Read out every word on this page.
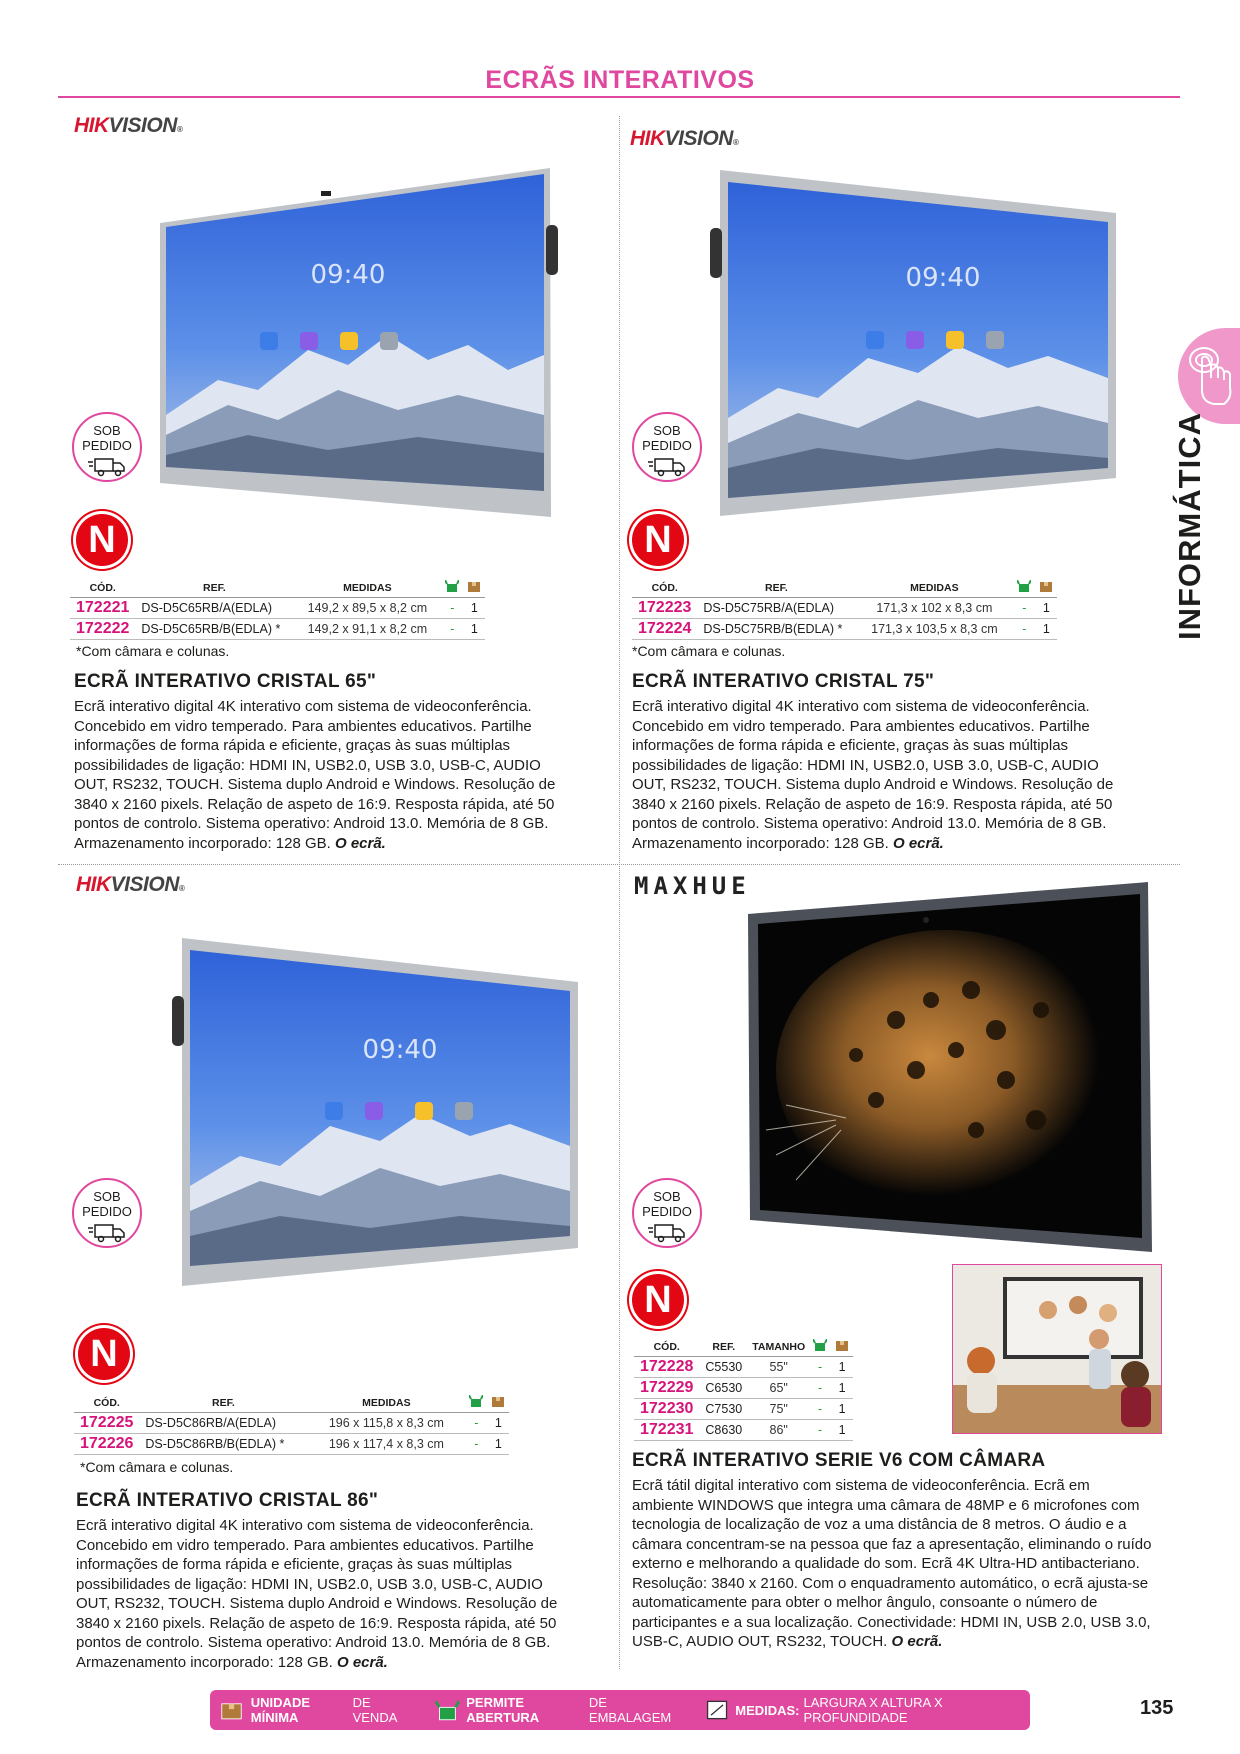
ECRÃS INTERATIVOS
INFORMÁTICA
HIKVISION®
09:40
SOB
PEDIDO
N
CÓD.	REF.	MEDIDAS		
172221	DS-D5C65RB/A(EDLA)	149,2 x 89,5 x 8,2 cm	-	1
172222	DS-D5C65RB/B(EDLA) *	149,2 x 91,1 x 8,2 cm	-	1
*Com câmara e colunas.
ECRÃ INTERATIVO CRISTAL 65"
Ecrã interativo digital 4K interativo com sistema de videoconferência. Concebido em vidro temperado. Para ambientes educativos. Partilhe informações de forma rápida e eficiente, graças às suas múltiplas possibilidades de ligação: HDMI IN, USB2.0, USB 3.0, USB-C, AUDIO OUT, RS232, TOUCH. Sistema duplo Android e Windows. Resolução de 3840 x 2160 pixels. Relação de aspeto de 16:9. Resposta rápida, até 50 pontos de controlo. Sistema operativo: Android 13.0. Memória de 8 GB. Armazenamento incorporado: 128 GB. O ecrã.
HIKVISION®
09:40
SOB
PEDIDO
N
CÓD.	REF.	MEDIDAS		
172223	DS-D5C75RB/A(EDLA)	171,3 x 102 x 8,3 cm	-	1
172224	DS-D5C75RB/B(EDLA) *	171,3 x 103,5 x 8,3 cm	-	1
*Com câmara e colunas.
ECRÃ INTERATIVO CRISTAL 75"
Ecrã interativo digital 4K interativo com sistema de videoconferência. Concebido em vidro temperado. Para ambientes educativos. Partilhe informações de forma rápida e eficiente, graças às suas múltiplas possibilidades de ligação: HDMI IN, USB2.0, USB 3.0, USB-C, AUDIO OUT, RS232, TOUCH. Sistema duplo Android e Windows. Resolução de 3840 x 2160 pixels. Relação de aspeto de 16:9. Resposta rápida, até 50 pontos de controlo. Sistema operativo: Android 13.0. Memória de 8 GB. Armazenamento incorporado: 128 GB. O ecrã.
HIKVISION®
09:40
SOB
PEDIDO
N
CÓD.	REF.	MEDIDAS		
172225	DS-D5C86RB/A(EDLA)	196 x 115,8 x 8,3 cm	-	1
172226	DS-D5C86RB/B(EDLA) *	196 x 117,4 x 8,3 cm	-	1
*Com câmara e colunas.
ECRÃ INTERATIVO CRISTAL 86"
Ecrã interativo digital 4K interativo com sistema de videoconferência. Concebido em vidro temperado. Para ambientes educativos. Partilhe informações de forma rápida e eficiente, graças às suas múltiplas possibilidades de ligação: HDMI IN, USB2.0, USB 3.0, USB-C, AUDIO OUT, RS232, TOUCH. Sistema duplo Android e Windows. Resolução de 3840 x 2160 pixels. Relação de aspeto de 16:9. Resposta rápida, até 50 pontos de controlo. Sistema operativo: Android 13.0. Memória de 8 GB. Armazenamento incorporado: 128 GB. O ecrã.
MAXHUE
SOB
PEDIDO
N
CÓD.	REF.	TAMANHO		
172228	C5530	55"	-	1
172229	C6530	65"	-	1
172230	C7530	75"	-	1
172231	C8630	86"	-	1
ECRÃ INTERATIVO SERIE V6 COM CÂMARA
Ecrã tátil digital interativo com sistema de videoconferência. Ecrã em ambiente WINDOWS que integra uma câmara de 48MP e 6 microfones com tecnologia de localização de voz a uma distância de 8 metros. O áudio e a câmara concentram-se na pessoa que faz a apresentação, eliminando o ruído externo e melhorando a qualidade do som. Ecrã 4K Ultra-HD antibacteriano. Resolução: 3840 x 2160. Com o enquadramento automático, o ecrã ajusta-se automaticamente para obter o melhor ângulo, consoante o número de participantes e a sua localização. Conectividade: HDMI IN, USB 2.0, USB 3.0, USB-C, AUDIO OUT, RS232, TOUCH. O ecrã.
UNIDADE MÍNIMA
DE VENDA
PERMITE ABERTURA
DE EMBALAGEM	MEDIDAS: LARGURA X ALTURA X PROFUNDIDADE	135
